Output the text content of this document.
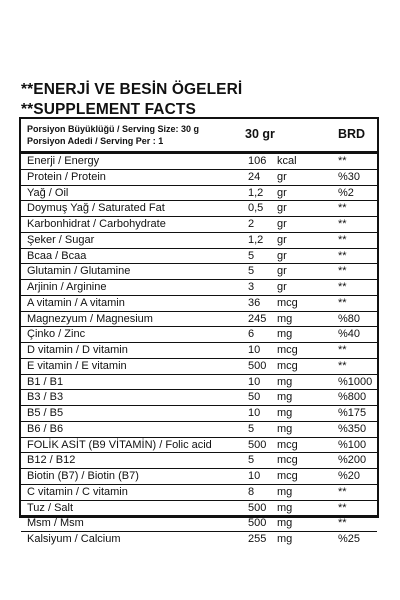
**ENERJİ VE BESİN ÖGELERİ
**SUPPLEMENT FACTS
Porsiyon Büyüklüğü / Serving Size: 30 g
Porsiyon Adedi / Serving Per : 1	30 gr	BRD
Enerji / Energy	106 kcal	**
Protein / Protein	24 gr	%30
Yağ / Oil	1,2 gr	%2
Doymuş Yağ / Saturated Fat	0,5 gr	**
Karbonhidrat / Carbohydrate	2 gr	**
Şeker / Sugar	1,2 gr	**
Bcaa / Bcaa	5 gr	**
Glutamin / Glutamine	5 gr	**
Arjinin / Arginine	3 gr	**
A vitamin / A vitamin	36 mcg	**
Magnezyum / Magnesium	245 mg	%80
Çinko / Zinc	6 mg	%40
D vitamin / D vitamin	10 mcg	**
E vitamin / E vitamin	500 mcg	**
B1 / B1	10 mg	%1000
B3 / B3	50 mg	%800
B5 / B5	10 mg	%175
B6 / B6	5 mg	%350
FOLİK ASİT (B9 VİTAMİN) / Folic acid	500 mcg	%100
B12 / B12	5 mcg	%200
Biotin (B7) / Biotin (B7)	10 mcg	%20
C vitamin / C vitamin	8 mg	**
Tuz / Salt	500 mg	**
Msm / Msm	500 mg	**
Kalsiyum / Calcium	255 mg	%25
